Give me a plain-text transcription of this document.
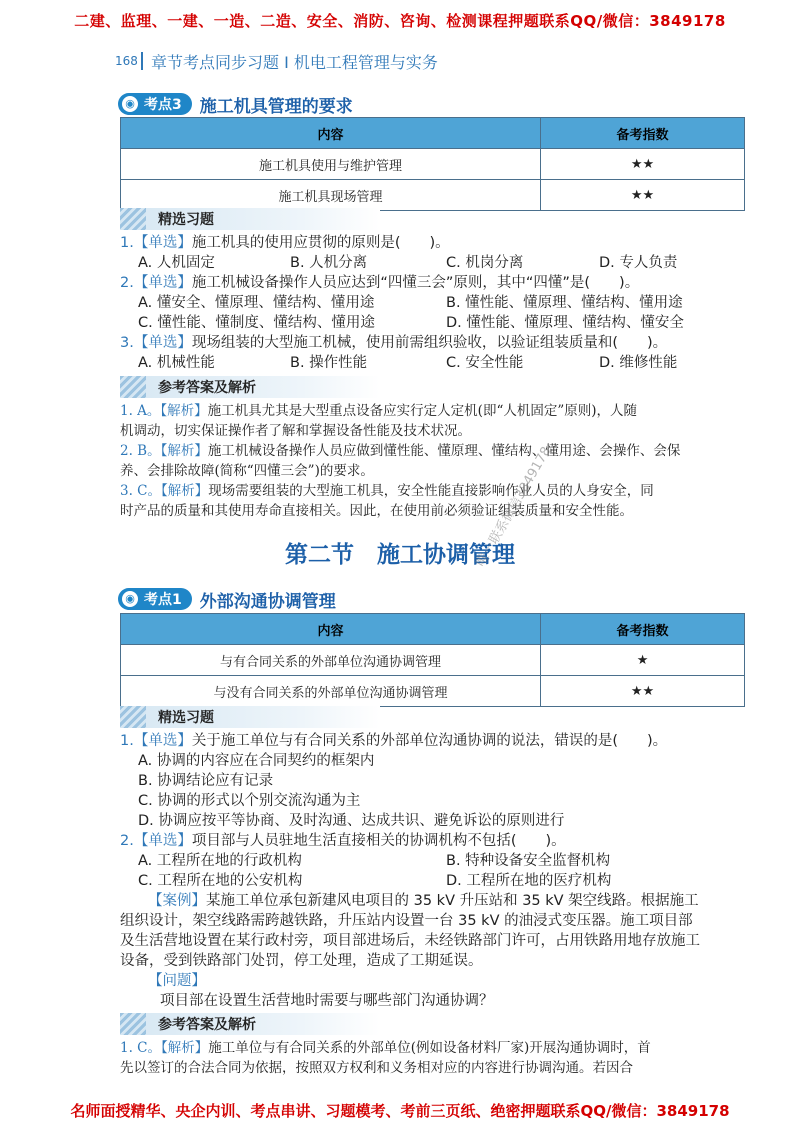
二建、监理、一建、一造、二造、安全、消防、咨询、检测课程押题联系QQ/微信：3849178
168 章节考点同步习题 I 机电工程管理与实务
◉ 考点3 施工机具管理的要求
内容	备考指数
施工机具使用与维护管理	★★
施工机具现场管理	★★
精选习题
1.【单选】施工机具的使用应贯彻的原则是(　　)。
A. 人机固定	B. 人机分离	C. 机岗分离	D. 专人负责
2.【单选】施工机械设备操作人员应达到“四懂三会”原则，其中“四懂”是(　　)。
A. 懂安全、懂原理、懂结构、懂用途	B. 懂性能、懂原理、懂结构、懂用途
C. 懂性能、懂制度、懂结构、懂用途	D. 懂性能、懂原理、懂结构、懂安全
3.【单选】现场组装的大型施工机械，使用前需组织验收，以验证组装质量和(　　)。
A. 机械性能	B. 操作性能	C. 安全性能	D. 维修性能
参考答案及解析
1. A。【解析】施工机具尤其是大型重点设备应实行定人定机(即“人机固定”原则)，人随
机调动，切实保证操作者了解和掌握设备性能及技术状况。
2. B。【解析】施工机械设备操作人员应做到懂性能、懂原理、懂结构、懂用途、会操作、会保
养、会排除故障(简称“四懂三会”)的要求。
3. C。【解析】现场需要组装的大型施工机具，安全性能直接影响作业人员的人身安全，同
时产品的质量和其使用寿命直接相关。因此，在使用前必须验证组装质量和安全性能。
第二节　施工协调管理
◉ 考点1 外部沟通协调管理
内容	备考指数
与有合同关系的外部单位沟通协调管理	★
与没有合同关系的外部单位沟通协调管理	★★
精选习题
1.【单选】关于施工单位与有合同关系的外部单位沟通协调的说法，错误的是(　　)。
A. 协调的内容应在合同契约的框架内
B. 协调结论应有记录
C. 协调的形式以个别交流沟通为主
D. 协调应按平等协商、及时沟通、达成共识、避免诉讼的原则进行
2.【单选】项目部与人员驻地生活直接相关的协调机构不包括(　　)。
A. 工程所在地的行政机构	B. 特种设备安全监督机构
C. 工程所在地的公安机构	D. 工程所在地的医疗机构
【案例】某施工单位承包新建风电项目的 35 kV 升压站和 35 kV 架空线路。根据施工
组织设计，架空线路需跨越铁路，升压站内设置一台 35 kV 的油浸式变压器。施工项目部
及生活营地设置在某行政村旁，项目部进场后，未经铁路部门许可，占用铁路用地存放施工
设备，受到铁路部门处罚，停工处理，造成了工期延误。
【问题】
项目部在设置生活营地时需要与哪些部门沟通协调？
参考答案及解析
1. C。【解析】施工单位与有合同关系的外部单位(例如设备材料厂家)开展沟通协调时，首
先以签订的合法合同为依据，按照双方权利和义务相对应的内容进行协调沟通。若因合
唯一联系微信3849178
名师面授精华、央企内训、考点串讲、习题模考、考前三页纸、绝密押题联系QQ/微信：3849178
